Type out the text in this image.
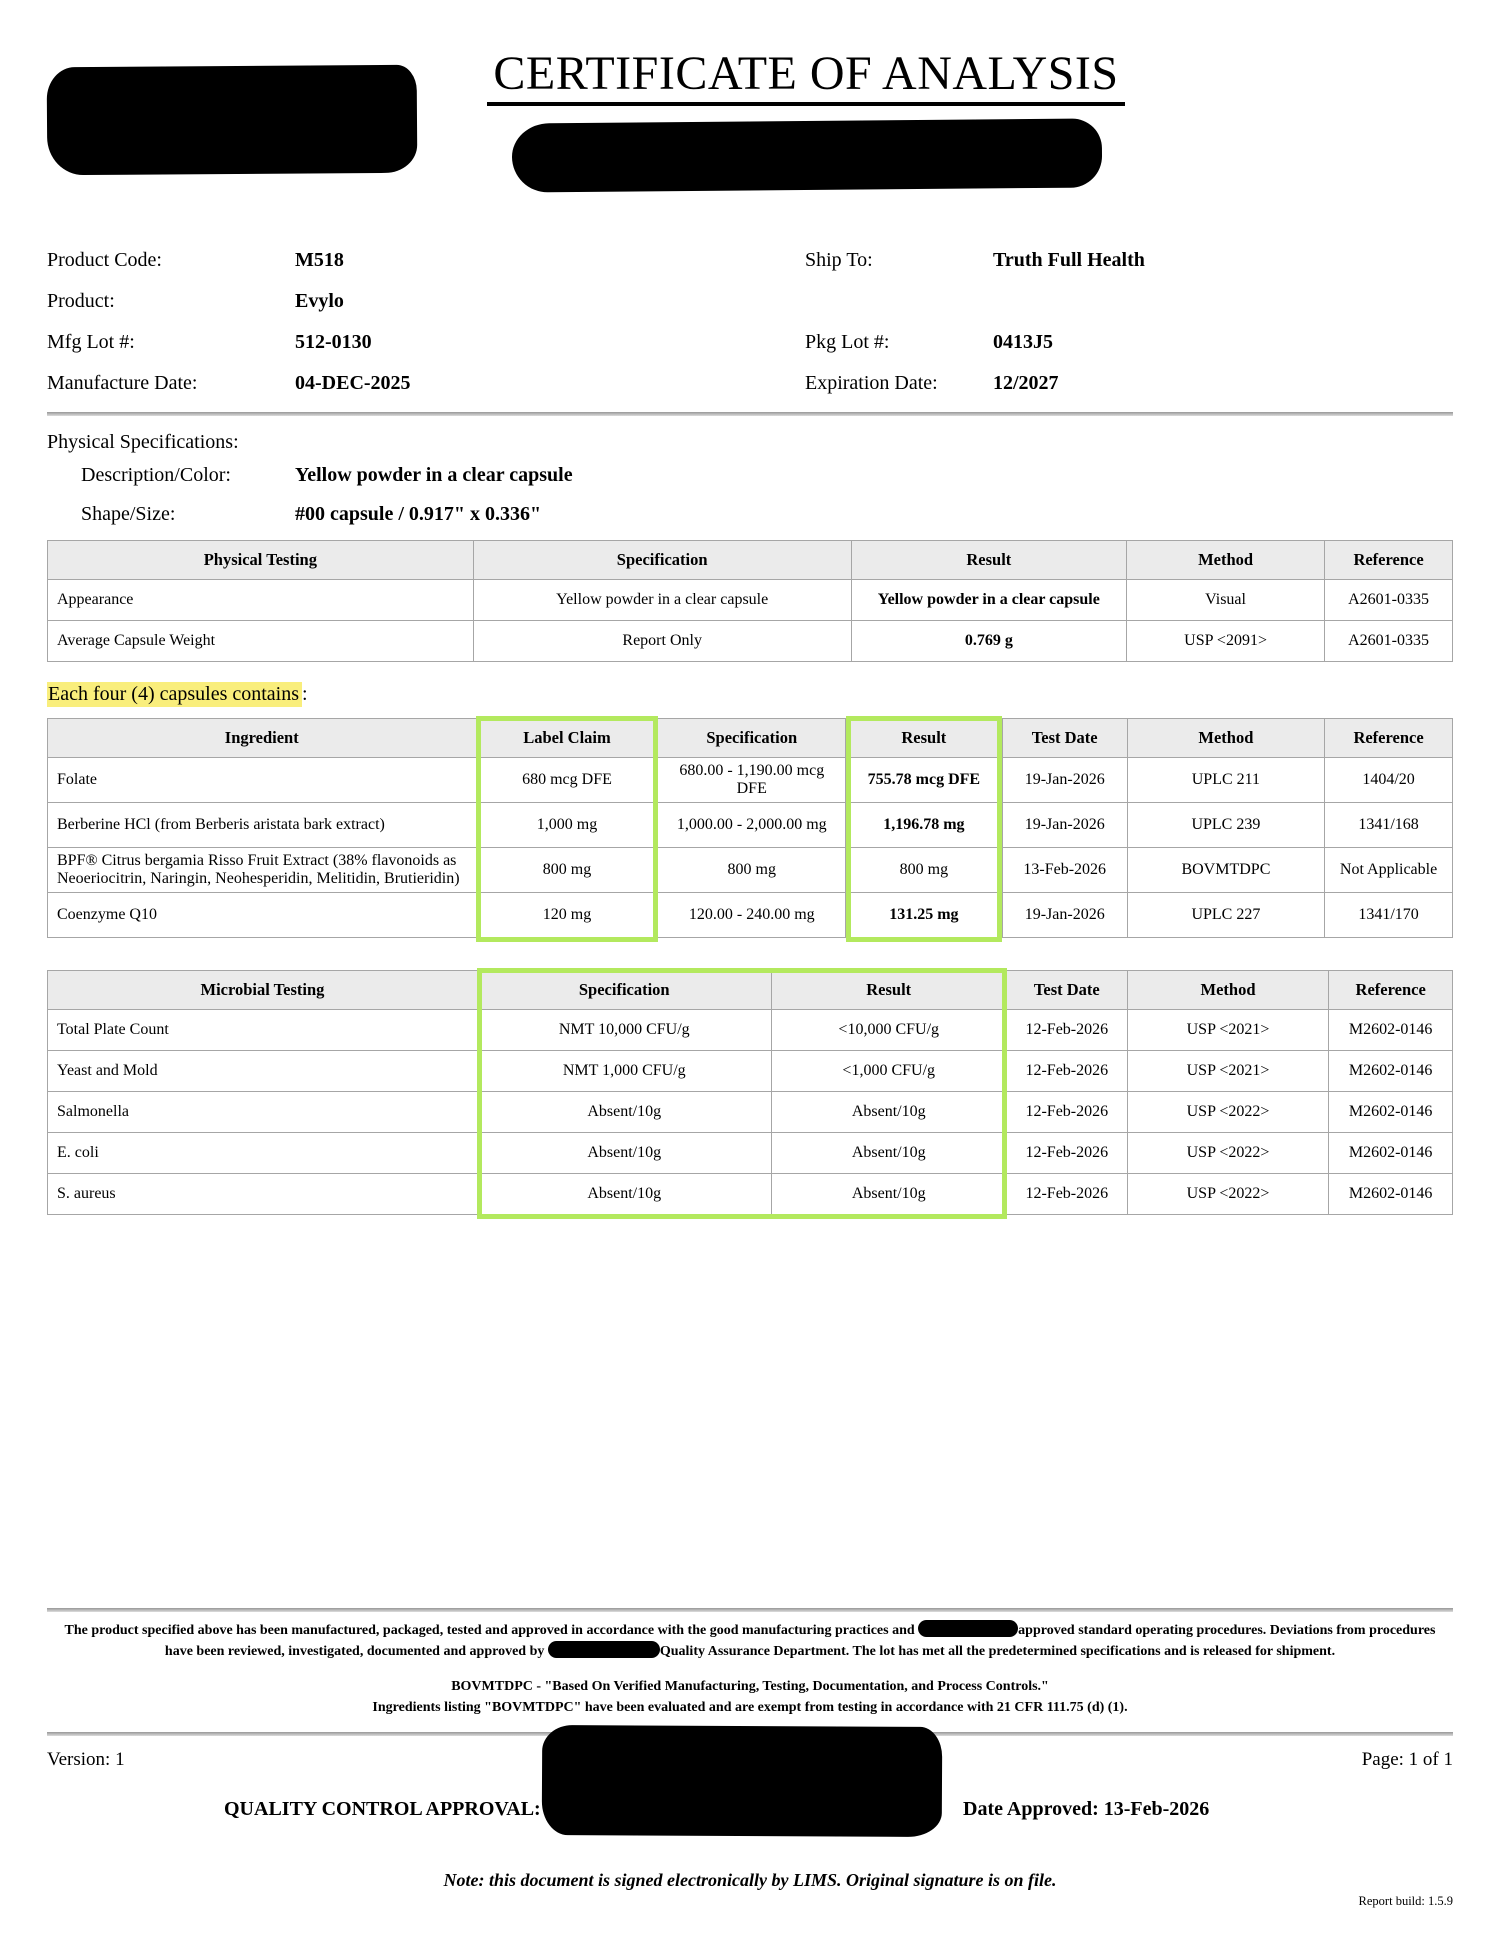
CERTIFICATE OF ANALYSIS
Product Code:	M518	Ship To:	Truth Full Health
Product:	Evylo
Mfg Lot #:	512-0130	Pkg Lot #:	0413J5
Manufacture Date:	04-DEC-2025	Expiration Date:	12/2027
Physical Specifications:
Description/Color:	Yellow powder in a clear capsule
Shape/Size:	#00 capsule / 0.917" x 0.336"
Physical Testing	Specification	Result	Method	Reference
Appearance	Yellow powder in a clear capsule	Yellow powder in a clear capsule	Visual	A2601-0335
Average Capsule Weight	Report Only	0.769 g	USP <2091>	A2601-0335
Each four (4) capsules contains :
Ingredient	Label Claim	Specification	Result	Test Date	Method	Reference
Folate	680 mcg DFE	680.00 - 1,190.00 mcg DFE	755.78 mcg DFE	19-Jan-2026	UPLC 211	1404/20
Berberine HCl (from Berberis aristata bark extract)	1,000 mg	1,000.00 - 2,000.00 mg	1,196.78 mg	19-Jan-2026	UPLC 239	1341/168
BPF® Citrus bergamia Risso Fruit Extract (38% flavonoids as Neoeriocitrin, Naringin, Neohesperidin, Melitidin, Brutieridin)	800 mg	800 mg	800 mg	13-Feb-2026	BOVMTDPC	Not Applicable
Coenzyme Q10	120 mg	120.00 - 240.00 mg	131.25 mg	19-Jan-2026	UPLC 227	1341/170
Microbial Testing	Specification	Result	Test Date	Method	Reference
Total Plate Count	NMT 10,000 CFU/g	<10,000 CFU/g	12-Feb-2026	USP <2021>	M2602-0146
Yeast and Mold	NMT 1,000 CFU/g	<1,000 CFU/g	12-Feb-2026	USP <2021>	M2602-0146
Salmonella	Absent/10g	Absent/10g	12-Feb-2026	USP <2022>	M2602-0146
E. coli	Absent/10g	Absent/10g	12-Feb-2026	USP <2022>	M2602-0146
S. aureus	Absent/10g	Absent/10g	12-Feb-2026	USP <2022>	M2602-0146

The product specified above has been manufactured, packaged, tested and approved in accordance with the good manufacturing practices and	approved standard operating procedures. Deviations from procedures have been reviewed, investigated, documented and approved by	Quality Assurance Department. The lot has met all the predetermined specifications and is released for shipment.

BOVMTDPC - "Based On Verified Manufacturing, Testing, Documentation, and Process Controls."
Ingredients listing "BOVMTDPC" have been evaluated and are exempt from testing in accordance with 21 CFR 111.75 (d) (1).

Version: 1	Page: 1 of 1
QUALITY CONTROL APPROVAL:	Date Approved: 13-Feb-2026
Note: this document is signed electronically by LIMS. Original signature is on file.
Report build: 1.5.9
